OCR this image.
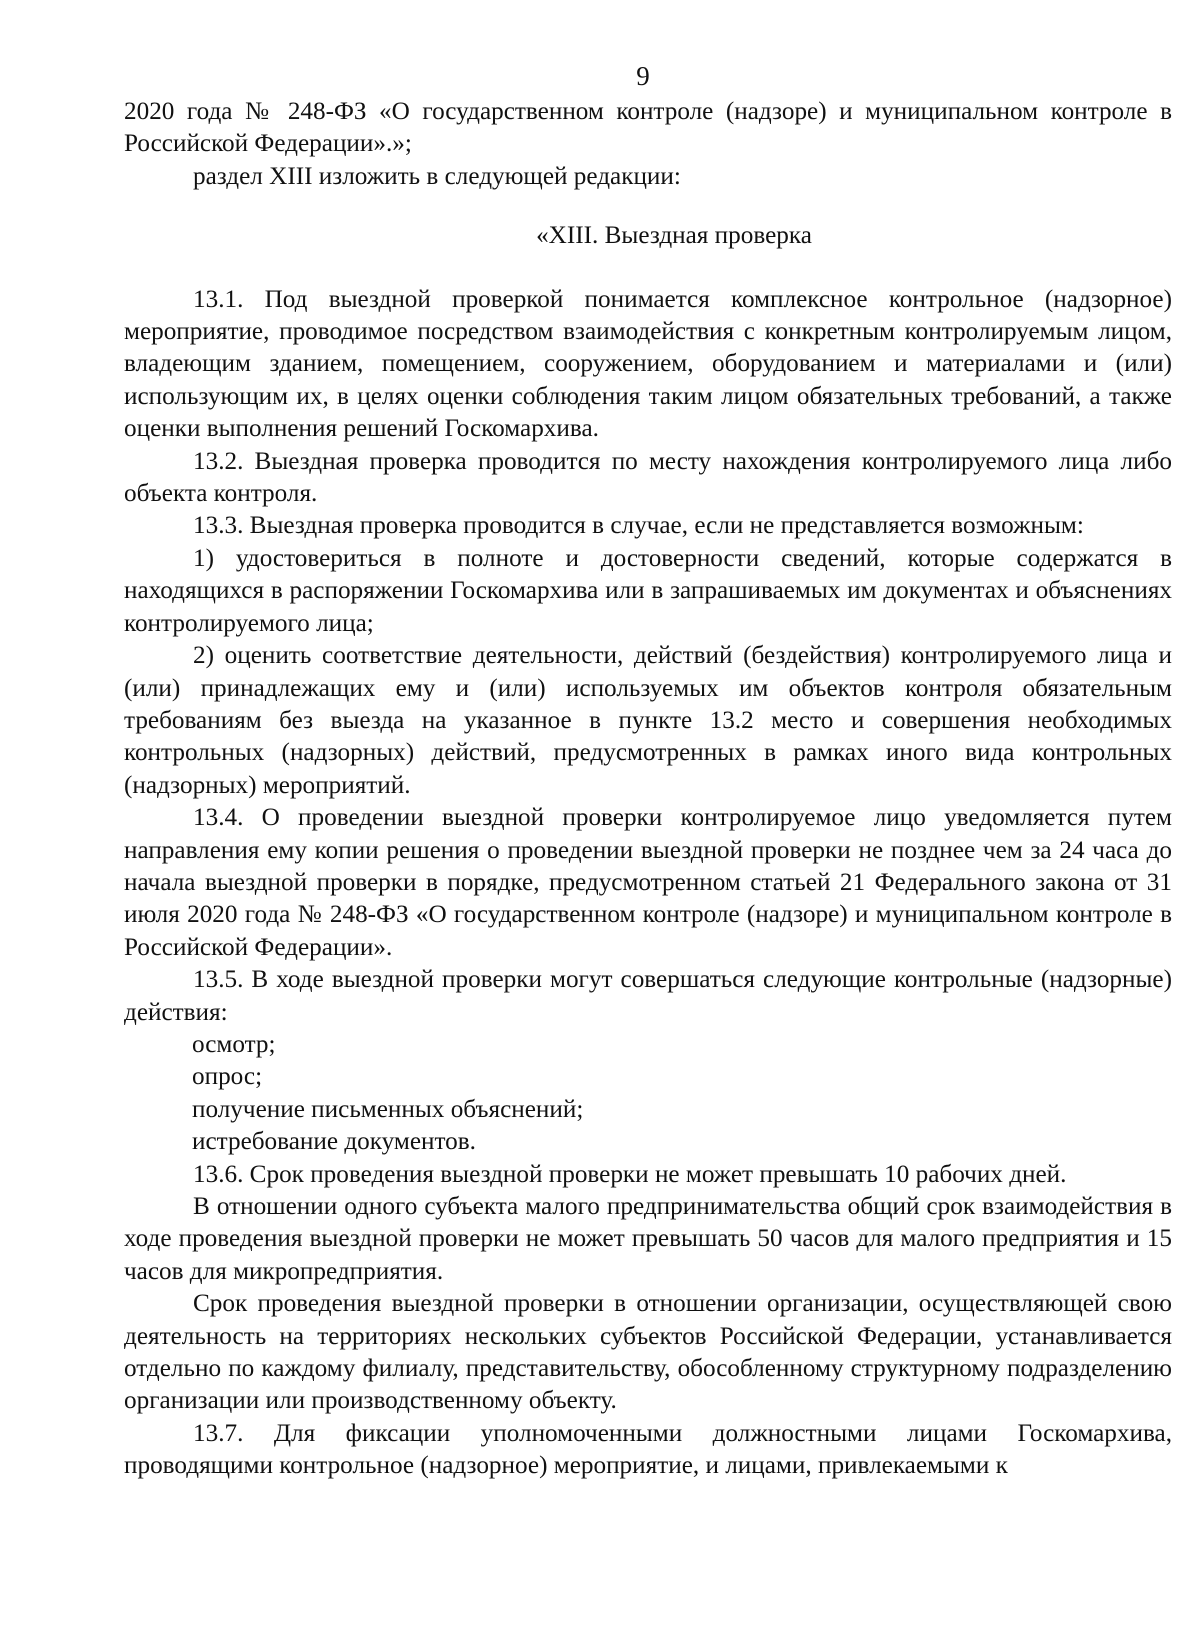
9

2020 года № 248-ФЗ «О государственном контроле (надзоре) и муниципальном контроле в Российской Федерации».»;

раздел XIII изложить в следующей редакции:

«XIII. Выездная проверка

13.1. Под выездной проверкой понимается комплексное контрольное (надзорное) мероприятие, проводимое посредством взаимодействия с конкретным контролируемым лицом, владеющим зданием, помещением, сооружением, оборудованием и материалами и (или) использующим их, в целях оценки соблюдения таким лицом обязательных требований, а также оценки выполнения решений Госкомархива.

13.2. Выездная проверка проводится по месту нахождения контролируемого лица либо объекта контроля.

13.3. Выездная проверка проводится в случае, если не представляется возможным:

1) удостовериться в полноте и достоверности сведений, которые содержатся в находящихся в распоряжении Госкомархива или в запрашиваемых им документах и объяснениях контролируемого лица;

2) оценить соответствие деятельности, действий (бездействия) контролируемого лица и (или) принадлежащих ему и (или) используемых им объектов контроля обязательным требованиям без выезда на указанное в пункте 13.2 место и совершения необходимых контрольных (надзорных) действий, предусмотренных в рамках иного вида контрольных (надзорных) мероприятий.

13.4. О проведении выездной проверки контролируемое лицо уведомляется путем направления ему копии решения о проведении выездной проверки не позднее чем за 24 часа до начала выездной проверки в порядке, предусмотренном статьей 21 Федерального закона от 31 июля 2020 года № 248-ФЗ «О государственном контроле (надзоре) и муниципальном контроле в Российской Федерации».

13.5. В ходе выездной проверки могут совершаться следующие контрольные (надзорные) действия:

осмотр;

опрос;

получение письменных объяснений;

истребование документов.

13.6. Срок проведения выездной проверки не может превышать 10 рабочих дней.

В отношении одного субъекта малого предпринимательства общий срок взаимодействия в ходе проведения выездной проверки не может превышать 50 часов для малого предприятия и 15 часов для микропредприятия.

Срок проведения выездной проверки в отношении организации, осуществляющей свою деятельность на территориях нескольких субъектов Российской Федерации, устанавливается отдельно по каждому филиалу, представительству, обособленному структурному подразделению организации или производственному объекту.

13.7. Для фиксации уполномоченными должностными лицами Госкомархива, проводящими контрольное (надзорное) мероприятие, и лицами, привлекаемыми к
